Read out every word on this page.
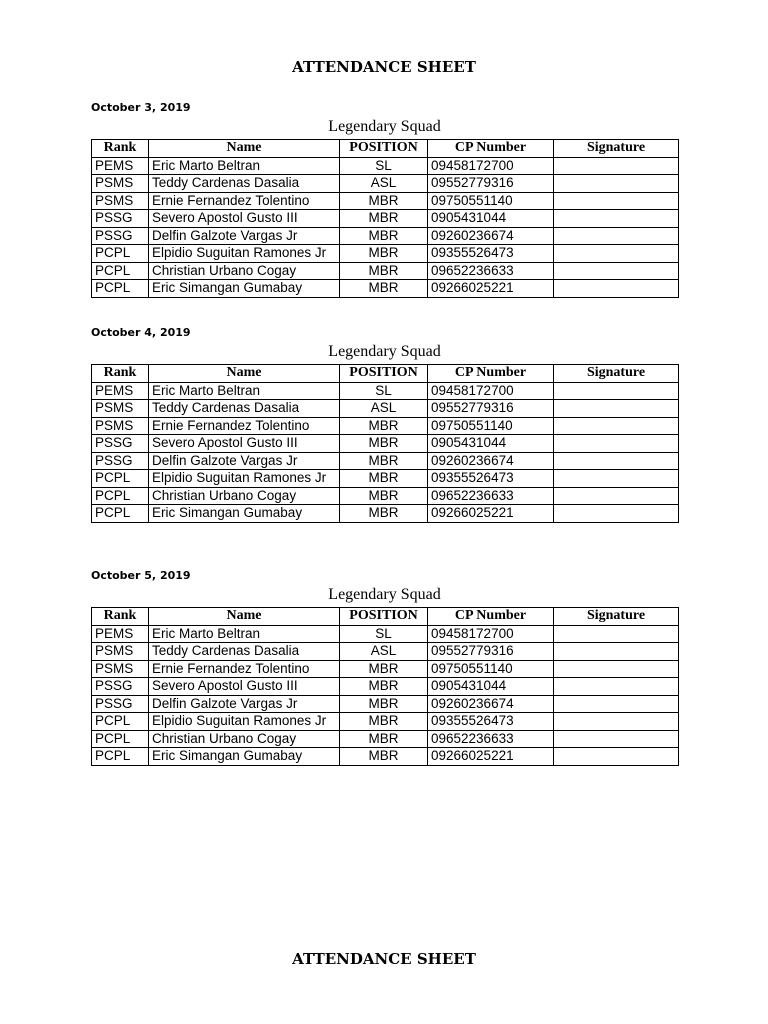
ATTENDANCE SHEET
October 3, 2019
Legendary Squad
Rank	Name	POSITION	CP Number	Signature
PEMS	Eric Marto Beltran	SL	09458172700	
PSMS	Teddy Cardenas Dasalia	ASL	09552779316	
PSMS	Ernie Fernandez Tolentino	MBR	09750551140	
PSSG	Severo Apostol Gusto III	MBR	0905431044	
PSSG	Delfin Galzote Vargas Jr	MBR	09260236674	
PCPL	Elpidio Suguitan Ramones Jr	MBR	09355526473	
PCPL	Christian Urbano Cogay	MBR	09652236633	
PCPL	Eric Simangan Gumabay	MBR	09266025221	
October 4, 2019
Legendary Squad
Rank	Name	POSITION	CP Number	Signature
PEMS	Eric Marto Beltran	SL	09458172700	
PSMS	Teddy Cardenas Dasalia	ASL	09552779316	
PSMS	Ernie Fernandez Tolentino	MBR	09750551140	
PSSG	Severo Apostol Gusto III	MBR	0905431044	
PSSG	Delfin Galzote Vargas Jr	MBR	09260236674	
PCPL	Elpidio Suguitan Ramones Jr	MBR	09355526473	
PCPL	Christian Urbano Cogay	MBR	09652236633	
PCPL	Eric Simangan Gumabay	MBR	09266025221	
October 5, 2019
Legendary Squad
Rank	Name	POSITION	CP Number	Signature
PEMS	Eric Marto Beltran	SL	09458172700	
PSMS	Teddy Cardenas Dasalia	ASL	09552779316	
PSMS	Ernie Fernandez Tolentino	MBR	09750551140	
PSSG	Severo Apostol Gusto III	MBR	0905431044	
PSSG	Delfin Galzote Vargas Jr	MBR	09260236674	
PCPL	Elpidio Suguitan Ramones Jr	MBR	09355526473	
PCPL	Christian Urbano Cogay	MBR	09652236633	
PCPL	Eric Simangan Gumabay	MBR	09266025221	
ATTENDANCE SHEET
